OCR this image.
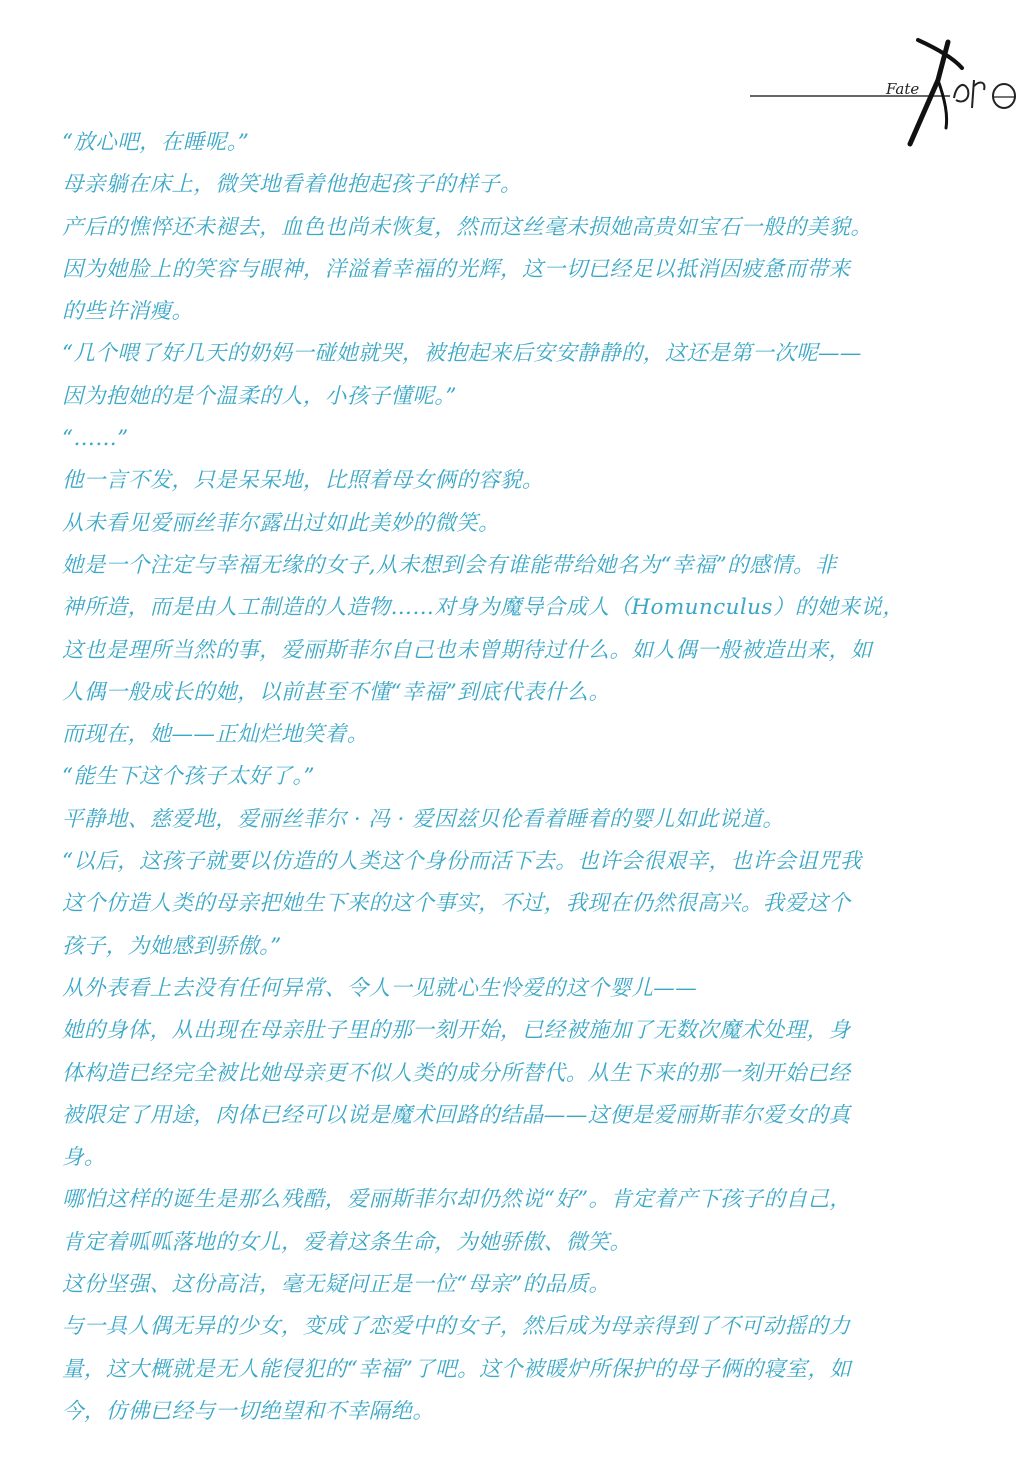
Fate
“放心吧，在睡呢。”
母亲躺在床上，微笑地看着他抱起孩子的样子。
产后的憔悴还未褪去，血色也尚未恢复，然而这丝毫未损她高贵如宝石一般的美貌。
因为她脸上的笑容与眼神，洋溢着幸福的光辉，这一切已经足以抵消因疲惫而带来
的些许消瘦。
“几个喂了好几天的奶妈一碰她就哭，被抱起来后安安静静的，这还是第一次呢——
因为抱她的是个温柔的人，小孩子懂呢。”
“……”
他一言不发，只是呆呆地，比照着母女俩的容貌。
从未看见爱丽丝菲尔露出过如此美妙的微笑。
她是一个注定与幸福无缘的女子,从未想到会有谁能带给她名为“幸福”的感情。非
神所造，而是由人工制造的人造物……对身为魔导合成人（Homunculus）的她来说，
这也是理所当然的事，爱丽斯菲尔自己也未曾期待过什么。如人偶一般被造出来，如
人偶一般成长的她，以前甚至不懂“幸福”到底代表什么。
而现在，她——正灿烂地笑着。
“能生下这个孩子太好了。”
平静地、慈爱地，爱丽丝菲尔 · 冯 · 爱因兹贝伦看着睡着的婴儿如此说道。
“以后，这孩子就要以仿造的人类这个身份而活下去。也许会很艰辛，也许会诅咒我
这个仿造人类的母亲把她生下来的这个事实，不过，我现在仍然很高兴。我爱这个
孩子，为她感到骄傲。”
从外表看上去没有任何异常、令人一见就心生怜爱的这个婴儿——
她的身体，从出现在母亲肚子里的那一刻开始，已经被施加了无数次魔术处理，身
体构造已经完全被比她母亲更不似人类的成分所替代。从生下来的那一刻开始已经
被限定了用途，肉体已经可以说是魔术回路的结晶——这便是爱丽斯菲尔爱女的真
身。
哪怕这样的诞生是那么残酷，爱丽斯菲尔却仍然说“好”。肯定着产下孩子的自己，
肯定着呱呱落地的女儿，爱着这条生命，为她骄傲、微笑。
这份坚强、这份高洁，毫无疑问正是一位“母亲”的品质。
与一具人偶无异的少女，变成了恋爱中的女子，然后成为母亲得到了不可动摇的力
量，这大概就是无人能侵犯的“幸福”了吧。这个被暖炉所保护的母子俩的寝室，如
今，仿佛已经与一切绝望和不幸隔绝。
